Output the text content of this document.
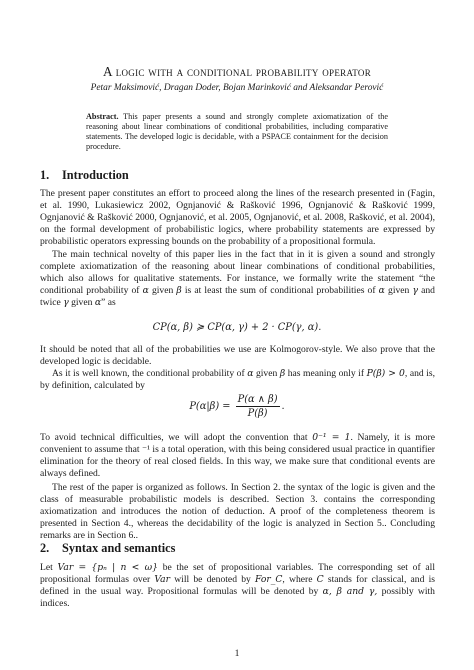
A logic with a conditional probability operator
Petar Maksimović, Dragan Doder, Bojan Marinković and Aleksandar Perović
Abstract. This paper presents a sound and strongly complete axiomatization of the reasoning about linear combinations of conditional probabilities, including comparative statements. The developed logic is decidable, with a PSPACE containment for the decision procedure.
1. Introduction

The present paper constitutes an effort to proceed along the lines of the research presented in (Fagin, et al. 1990, Lukasiewicz 2002, Ognjanović & Rašković 1996, Ognjanović & Rašković 1999, Ognjanović & Rašković 2000, Ognjanović, et al. 2005, Ognjanović, et al. 2008, Rašković, et al. 2004), on the formal development of probabilistic logics, where probability statements are expressed by probabilistic operators expressing bounds on the probability of a propositional formula.

The main technical novelty of this paper lies in the fact that in it is given a sound and strongly complete axiomatization of the reasoning about linear combinations of conditional probabilities, which also allows for qualitative statements. For instance, we formally write the statement “the conditional probability of α given β is at least the sum of conditional probabilities of α given γ and twice γ given α” as

CP(α, β) ≽ CP(α, γ) + 2 · CP(γ, α).

It should be noted that all of the probabilities we use are Kolmogorov-style. We also prove that the developed logic is decidable.

As it is well known, the conditional probability of α given β has meaning only if P(β) > 0, and is, by definition, calculated by

$P(\alpha|\beta) = \frac{P(\alpha \wedge \beta)}{P(\beta)}$ .

To avoid technical difficulties, we will adopt the convention that 0⁻¹ = 1. Namely, it is more convenient to assume that ⁻¹ is a total operation, with this being considered usual practice in quantifier elimination for the theory of real closed fields. In this way, we make sure that conditional events are always defined.

The rest of the paper is organized as follows. In Section 2. the syntax of the logic is given and the class of measurable probabilistic models is described. Section 3. contains the corresponding axiomatization and introduces the notion of deduction. A proof of the completeness theorem is presented in Section 4., whereas the decidability of the logic is analyzed in Section 5.. Concluding remarks are in Section 6..

2. Syntax and semantics

Let Var = {pₙ | n < ω} be the set of propositional variables. The corresponding set of all propositional formulas over Var will be denoted by For_C, where C stands for classical, and is defined in the usual way. Propositional formulas will be denoted by α, β and γ, possibly with indices.

1
